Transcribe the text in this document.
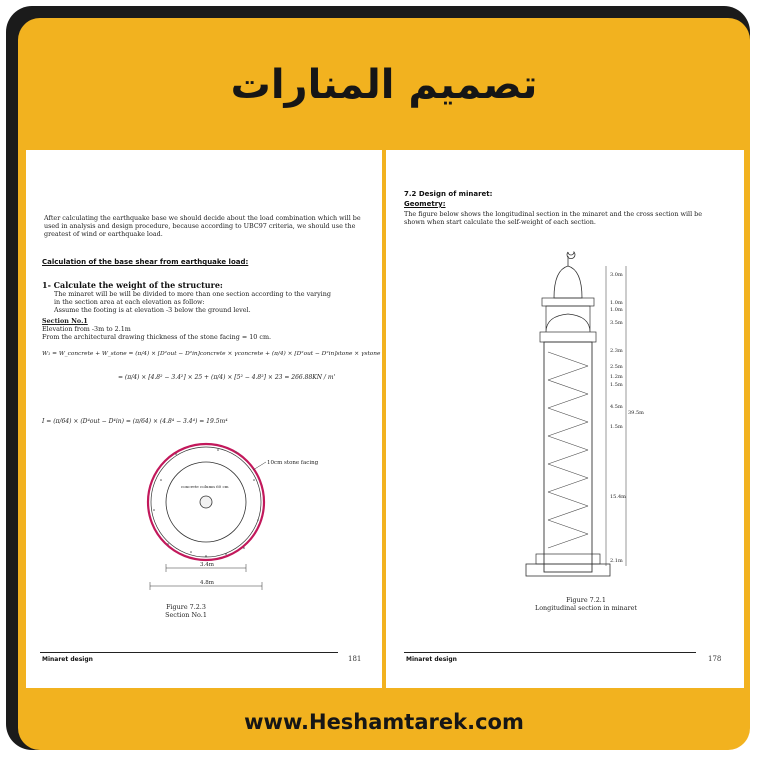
تصميم المنارات
After calculating the earthquake base we should decide about the load combination which will be used in analysis and design procedure, because according to UBC97 criteria, we should use the greatest of wind or earthquake load.
Calculation of the base shear from earthquake load:
1- Calculate the weight of the structure:
The minaret will be will be divided to more than one section according to the varying
in the section area at each elevation as follow:
Assume the footing is at elevation -3 below the ground level.
Section No.1
Elevation from -3m to 2.1m
From the architectural drawing thickness of the stone facing = 10 cm.
W₁ = W_concrete + W_stone = (π/4) × [D²out − D²in]concrete × γconcrete + (π/4) × [D²out − D²in]stone × γstone
= (π/4) × [4.8² − 3.4²] × 25 + (π/4) × [5² − 4.8²] × 23 = 266.88KN / m'
I = (π/64) × (D⁴out − D⁴in) = (π/64) × (4.8⁴ − 3.4⁴) = 19.5m⁴
10cm stone facing
concrete column 60 cm
3.4m
4.8m
Figure 7.2.3
Section No.1
Minaret design	181
7.2 Design of minaret:
Geometry:
The figure below shows the longitudinal section in the minaret and the cross section will be
shown when start calculate the self-weight of each section.
3.0m
1.0m
1.0m
3.5m
2.3m
2.5m
1.2m
1.5m
4.5m
1.5m
15.4m
2.1m
39.5m
Figure 7.2.1
Longitudinal section in minaret
Minaret design	178
www.Heshamtarek.com
